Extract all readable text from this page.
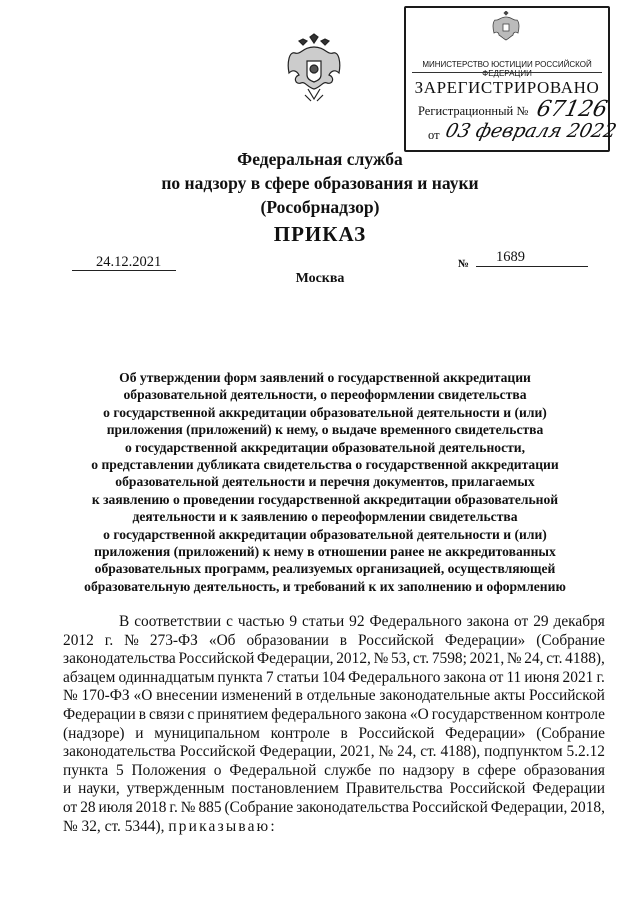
МИНИСТЕРСТВО ЮСТИЦИИ РОССИЙСКОЙ ФЕДЕРАЦИИ
ЗАРЕГИСТРИРОВАНО
Регистрационный № 67126
от 03 февраля 2022
Федеральная служба
по надзору в сфере образования и науки
(Рособрнадзор)
ПРИКАЗ
24.12.2021	№ 1689
Москва
Об утверждении форм заявлений о государственной аккредитации
образовательной деятельности, о переоформлении свидетельства
о государственной аккредитации образовательной деятельности и (или)
приложения (приложений) к нему, о выдаче временного свидетельства
о государственной аккредитации образовательной деятельности,
о представлении дубликата свидетельства о государственной аккредитации
образовательной деятельности и перечня документов, прилагаемых
к заявлению о проведении государственной аккредитации образовательной
деятельности и к заявлению о переоформлении свидетельства
о государственной аккредитации образовательной деятельности и (или)
приложения (приложений) к нему в отношении ранее не аккредитованных
образовательных программ, реализуемых организацией, осуществляющей
образовательную деятельность, и требований к их заполнению и оформлению
В соответствии с частью 9 статьи 92 Федерального закона от 29 декабря
2012 г. № 273-ФЗ «Об образовании в Российской Федерации» (Собрание
законодательства Российской Федерации, 2012, № 53, ст. 7598; 2021, № 24, ст. 4188),
абзацем одиннадцатым пункта 7 статьи 104 Федерального закона от 11 июня 2021 г.
№ 170-ФЗ «О внесении изменений в отдельные законодательные акты Российской
Федерации в связи с принятием федерального закона «О государственном контроле
(надзоре) и муниципальном контроле в Российской Федерации» (Собрание
законодательства Российской Федерации, 2021, № 24, ст. 4188), подпунктом 5.2.12
пункта 5 Положения о Федеральной службе по надзору в сфере образования
и науки, утвержденным постановлением Правительства Российской Федерации
от 28 июля 2018 г. № 885 (Собрание законодательства Российской Федерации, 2018,
№ 32, ст. 5344), приказываю:
